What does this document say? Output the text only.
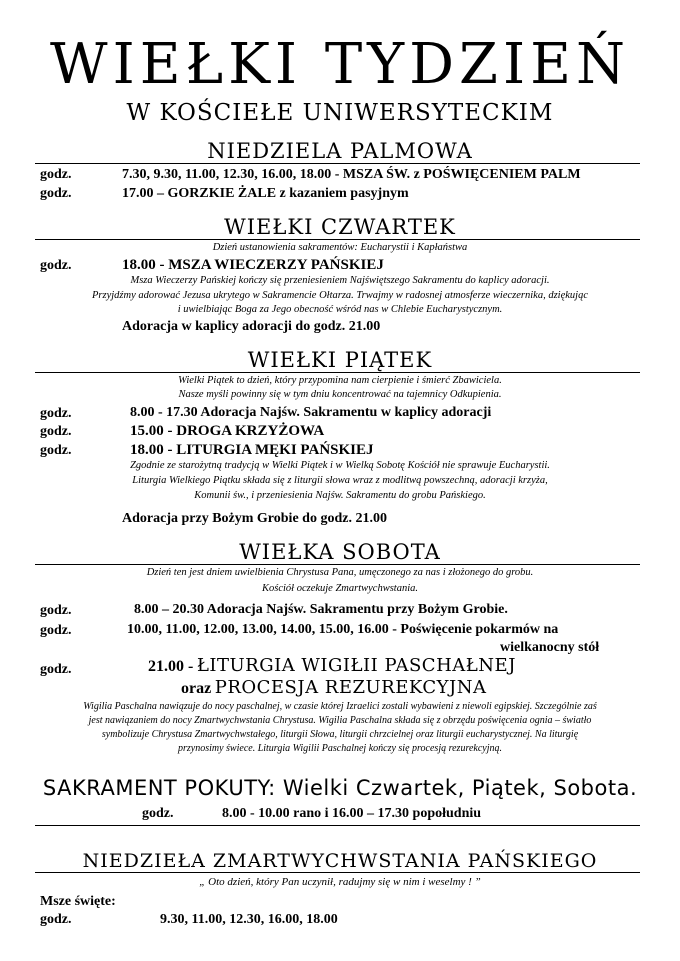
WIEŁKI TYDZIEŃ
W KOŚCIEŁE UNIWERSYTECKIM
NIEDZIELA PALMOWA
godz.	7.30, 9.30, 11.00, 12.30, 16.00, 18.00 - MSZA ŚW. z POŚWIĘCENIEM PALM
godz.	17.00 – GORZKIE ŻALE z kazaniem pasyjnym
WIEŁKI CZWARTEK
Dzień ustanowienia sakramentów: Eucharystii i Kapłaństwa
godz.	18.00 - MSZA WIECZERZY PAŃSKIEJ
Msza Wieczerzy Pańskiej kończy się przeniesieniem Najświętszego Sakramentu do kaplicy adoracji.
Przyjdźmy adorować Jezusa ukrytego w Sakramencie Ołtarza. Trwajmy w radosnej atmosferze wieczernika, dziękując
i uwielbiając Boga za Jego obecność wśród nas w Chlebie Eucharystycznym.
Adoracja w kaplicy adoracji do godz. 21.00
WIEŁKI PIĄTEK
Wielki Piątek to dzień, który przypomina nam cierpienie i śmierć Zbawiciela.
Nasze myśli powinny się w tym dniu koncentrować na tajemnicy Odkupienia.
godz.	8.00 - 17.30 Adoracja Najśw. Sakramentu w kaplicy adoracji
godz.	15.00 - DROGA KRZYŻOWA
godz.	18.00 - LITURGIA MĘKI PAŃSKIEJ
Zgodnie ze starożytną tradycją w Wielki Piątek i w Wielką Sobotę Kościół nie sprawuje Eucharystii.
Liturgia Wielkiego Piątku składa się z liturgii słowa wraz z modlitwą powszechną, adoracji krzyża,
Komunii św., i przeniesienia Najśw. Sakramentu do grobu Pańskiego.
Adoracja przy Bożym Grobie do godz. 21.00
WIEŁKA SOBOTA
Dzień ten jest dniem uwielbienia Chrystusa Pana, umęczonego za nas i złożonego do grobu.
Kościół oczekuje Zmartwychwstania.
godz.	8.00 – 20.30 Adoracja Najśw. Sakramentu przy Bożym Grobie.
godz.	10.00, 11.00, 12.00, 13.00, 14.00, 15.00, 16.00 - Poświęcenie pokarmów na
wielkanocny stół
godz.	21.00 - ŁITURGIA WIGIŁII PASCHAŁNEJ
oraz PROCESJA REZUREKCYJNA
Wigilia Paschalna nawiązuje do nocy paschalnej, w czasie której Izraelici zostali wybawieni z niewoli egipskiej. Szczególnie zaś
jest nawiązaniem do nocy Zmartwychwstania Chrystusa. Wigilia Paschalna składa się z obrzędu poświęcenia ognia – światło
symbolizuje Chrystusa Zmartwychwstałego, liturgii Słowa, liturgii chrzcielnej oraz liturgii eucharystycznej. Na liturgię
przynosimy świece. Liturgia Wigilii Paschalnej kończy się procesją rezurekcyjną.
SAKRAMENT POKUTY: Wielki Czwartek, Piątek, Sobota.
godz.	8.00 - 10.00 rano i 16.00 – 17.30 popołudniu
NIEDZIEŁA ZMARTWYCHWSTANIA PAŃSKIEGO
„ Oto dzień, który Pan uczynił, radujmy się w nim i weselmy ! ”
Msze święte:
godz.	9.30, 11.00, 12.30, 16.00, 18.00
